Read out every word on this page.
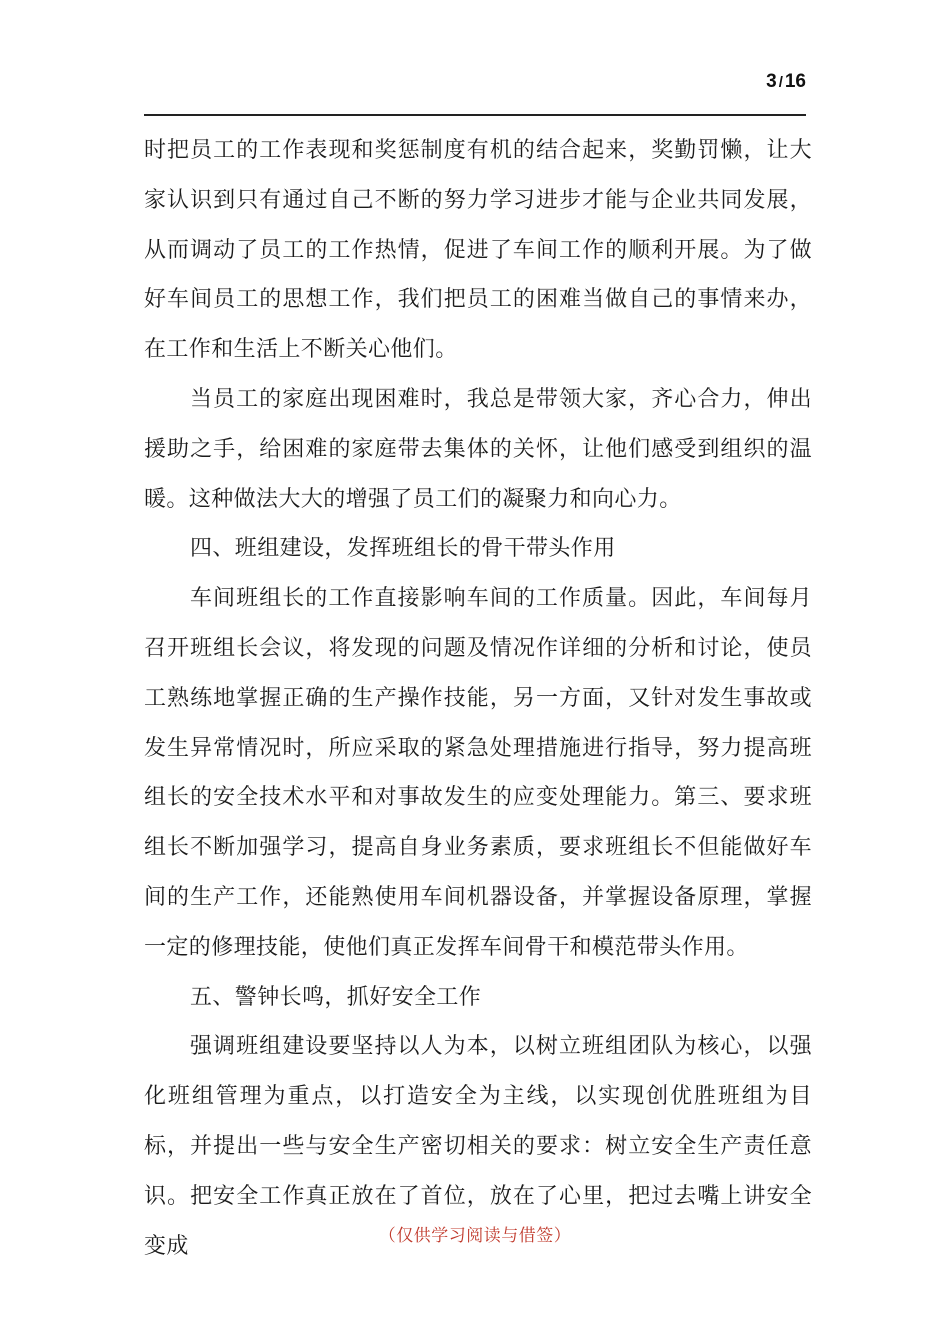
3 / 16

时把员工的工作表现和奖惩制度有机的结合起来，奖勤罚懒，让大家认识到只有通过自己不断的努力学习进步才能与企业共同发展，从而调动了员工的工作热情，促进了车间工作的顺利开展。为了做好车间员工的思想工作，我们把员工的困难当做自己的事情来办，在工作和生活上不断关心他们。

当员工的家庭出现困难时，我总是带领大家，齐心合力，伸出援助之手，给困难的家庭带去集体的关怀，让他们感受到组织的温暖。这种做法大大的增强了员工们的凝聚力和向心力。

四、班组建设，发挥班组长的骨干带头作用

车间班组长的工作直接影响车间的工作质量。因此，车间每月召开班组长会议，将发现的问题及情况作详细的分析和讨论，使员工熟练地掌握正确的生产操作技能，另一方面，又针对发生事故或发生异常情况时，所应采取的紧急处理措施进行指导，努力提高班组长的安全技术水平和对事故发生的应变处理能力。第三、要求班组长不断加强学习，提高自身业务素质，要求班组长不但能做好车间的生产工作，还能熟使用车间机器设备，并掌握设备原理，掌握一定的修理技能，使他们真正发挥车间骨干和模范带头作用。

五、警钟长鸣，抓好安全工作

强调班组建设要坚持以人为本，以树立班组团队为核心，以强化班组管理为重点，以打造安全为主线，以实现创优胜班组为目标，并提出一些与安全生产密切相关的要求：树立安全生产责任意识。把安全工作真正放在了首位，放在了心里，把过去嘴上讲安全变成	（仅供学习阅读与借签）
